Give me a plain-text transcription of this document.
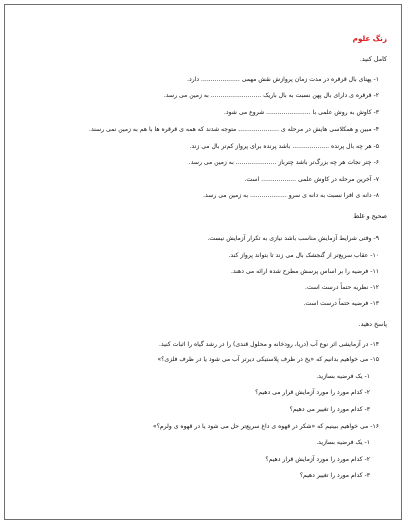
زنگ علوم
کامل کنید.
۱- پهنای بال قرقره در مدت زمان پرواز‌ش نقش مهمی .................... دارد.
۲- قرقره ی دارای بال پهن نسبت به بال باریک .......................... به زمین می رسد.
۳- کاوش به روش علمی با ....................... شروع می شود.
۴- مبین و همکلاسی هایش در مرحله ی ..................... متوجه شدند که همه ی قرقره ها با هم به زمین نمی رسند.
۵- هر چه بال پرنده ................... باشد پرنده برای پرواز کم‌تر بال می زند.
۶- چتر نجات هر چه بزرگ‌تر باشد چتر‌باز ..................... به زمین می رسد.
۷- آخرین مرحله در کاوش علمی .................. است.
۸- دانه ی افرا نسبت به دانه ی سرو ................... به زمین می رسد.
صحیح و غلط
۹- وقتی شرایط آزمایش مناسب باشد نیازی به تکرار آزمایش نیست.
۱۰- عقاب سریع‌تر از گنجشک بال می زند تا بتواند پرواز کند.
۱۱- فرضیه را بر اساس پرسش مطرح شده ارائه می دهند.
۱۲- نظریه حتماً درست است.
۱۳- فرضیه حتماً درست است.
پاسخ دهید.
۱۴- در آزمایشی اثر نوع آب (دریا، رودخانه و محلول قندی) را در رشد گیاه را اثبات کنید.
۱۵- می خواهیم بدانیم که «یخ در ظرف پلاستیکی دیرتر آب می شود یا در ظرف فلزی؟»
۱- یک فرضیه بسازید.
۲- کدام مورد را مورد آزمایش قرار می دهیم؟
۳- کدام مورد را تغییر می دهیم؟
۱۶- می خواهیم ببینیم که «شکر در قهوه ی داغ سریع‌تر حل می شود یا در قهوه ی ولرم؟»
۱- یک فرضیه بسازید.
۲- کدام مورد را مورد آزمایش قرار دهیم؟
۳- کدام مورد را تغییر دهیم؟
